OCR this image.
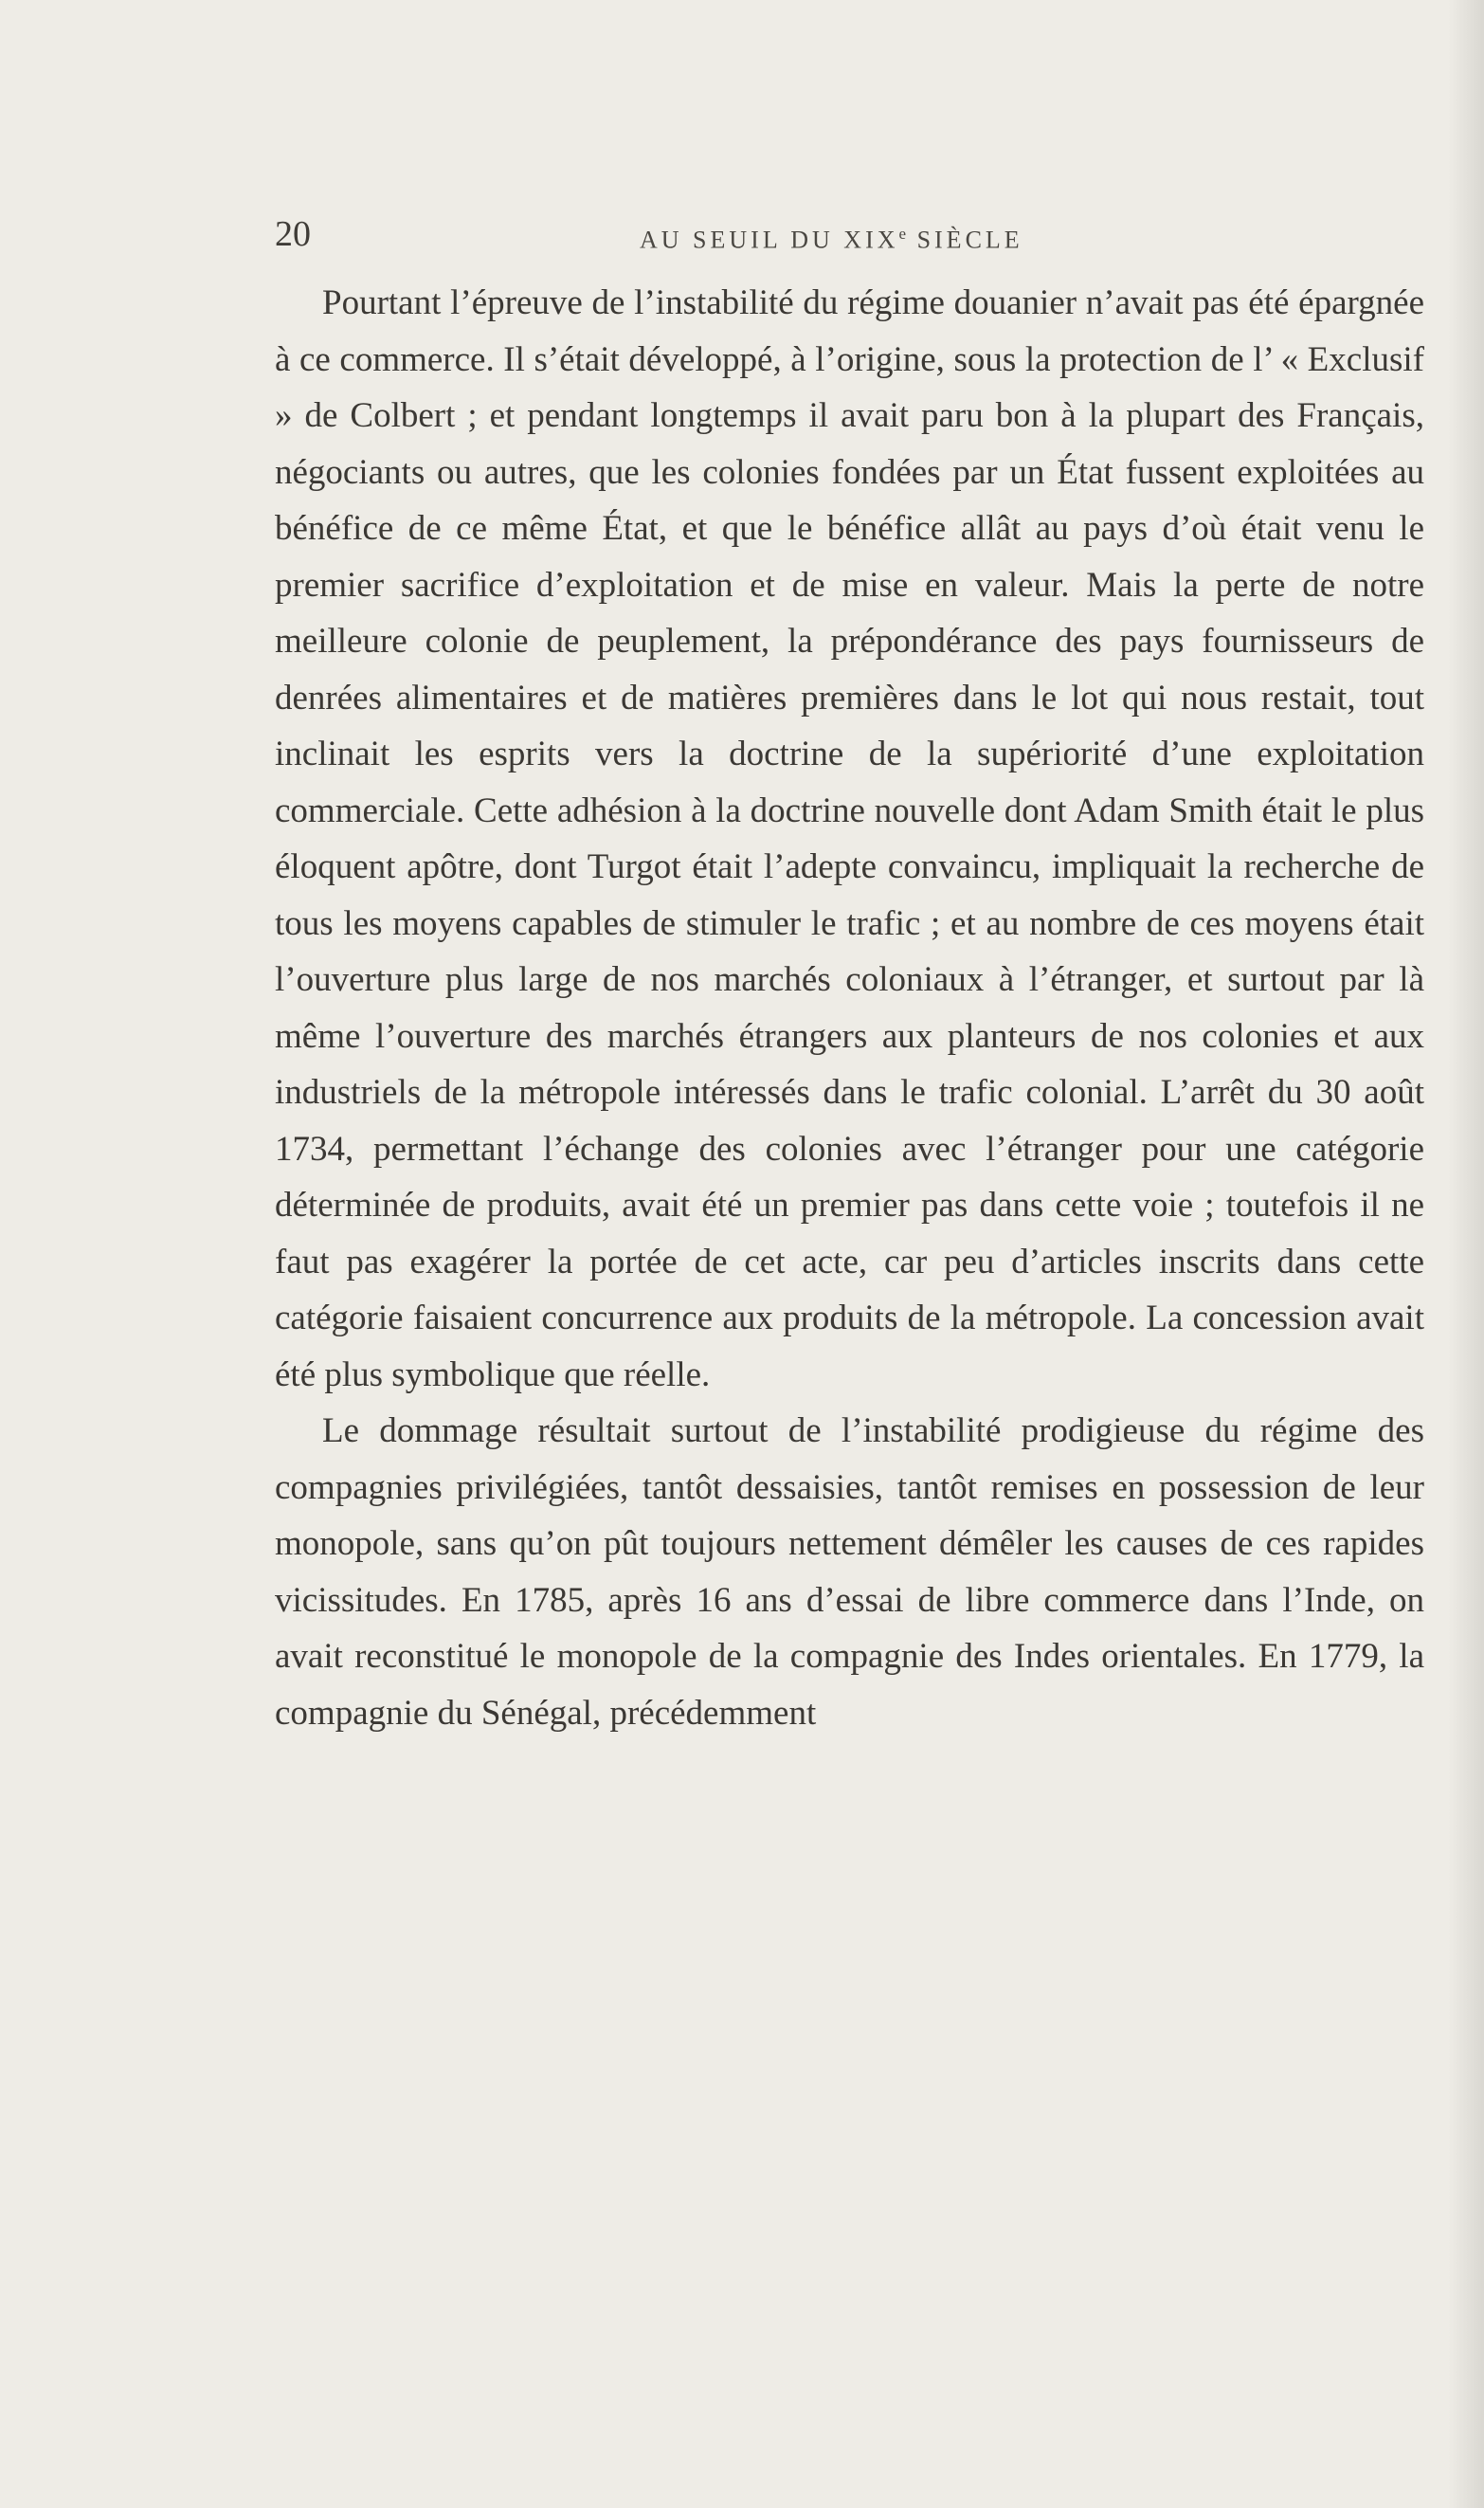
20	AU SEUIL DU XIXe SIÈCLE

Pourtant l’épreuve de l’instabilité du régime douanier n’avait pas été épargnée à ce commerce. Il s’était développé, à l’origine, sous la protection de l’ « Exclusif » de Colbert ; et pendant longtemps il avait paru bon à la plupart des Français, négociants ou autres, que les colonies fondées par un État fussent exploitées au bénéfice de ce même État, et que le bénéfice allât au pays d’où était venu le premier sacrifice d’exploitation et de mise en valeur. Mais la perte de notre meilleure colonie de peuplement, la prépondérance des pays fournisseurs de denrées alimentaires et de matières premières dans le lot qui nous restait, tout inclinait les esprits vers la doctrine de la supériorité d’une exploitation commerciale. Cette adhésion à la doctrine nouvelle dont Adam Smith était le plus éloquent apôtre, dont Turgot était l’adepte convaincu, impliquait la recherche de tous les moyens capables de stimuler le trafic ; et au nombre de ces moyens était l’ouverture plus large de nos marchés coloniaux à l’étranger, et surtout par là même l’ouverture des marchés étrangers aux planteurs de nos colonies et aux industriels de la métropole intéressés dans le trafic colonial. L’arrêt du 30 août 1734, permettant l’échange des colonies avec l’étranger pour une catégorie déterminée de produits, avait été un premier pas dans cette voie ; toutefois il ne faut pas exagérer la portée de cet acte, car peu d’articles inscrits dans cette catégorie faisaient concurrence aux produits de la métropole. La concession avait été plus symbolique que réelle.

Le dommage résultait surtout de l’instabilité prodigieuse du régime des compagnies privilégiées, tantôt dessaisies, tantôt remises en possession de leur monopole, sans qu’on pût toujours nettement démêler les causes de ces rapides vicissitudes. En 1785, après 16 ans d’essai de libre commerce dans l’Inde, on avait reconstitué le monopole de la compagnie des Indes orientales. En 1779, la compagnie du Sénégal, précédemment
